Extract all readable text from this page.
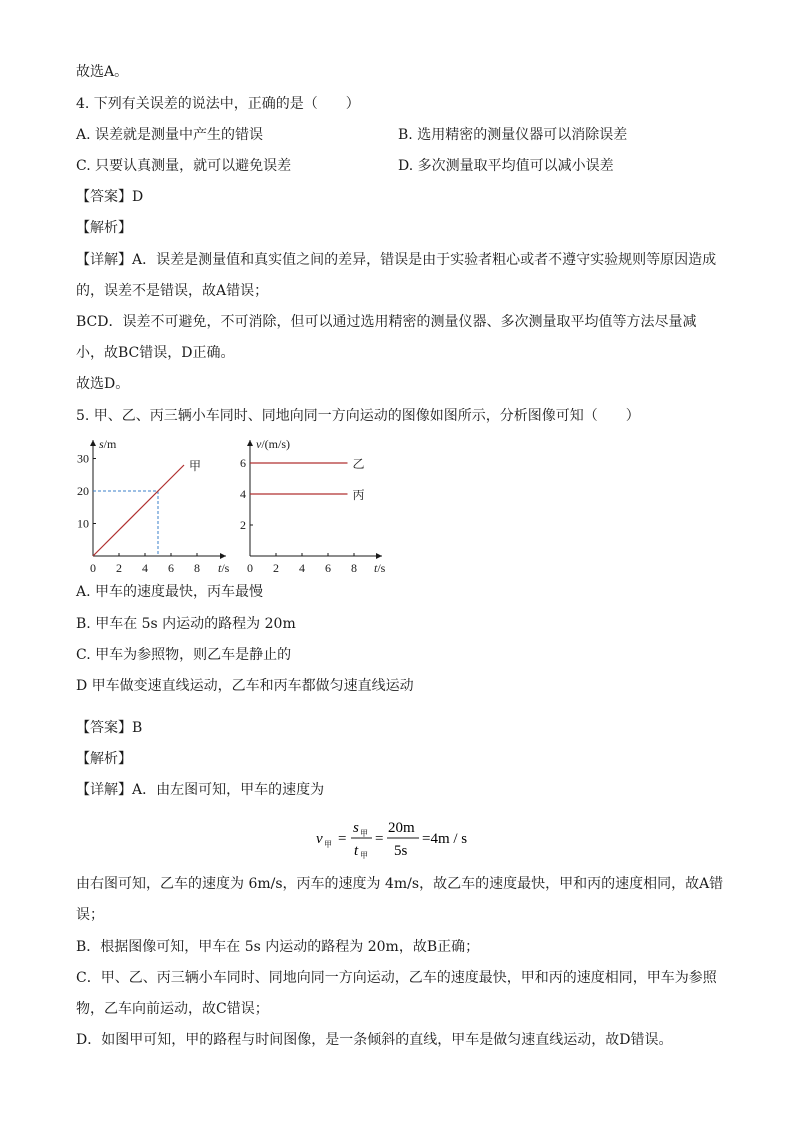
故选A。
4. 下列有关误差的说法中，正确的是（　　）
A. 误差就是测量中产生的错误	B. 选用精密的测量仪器可以消除误差
C. 只要认真测量，就可以避免误差	D. 多次测量取平均值可以减小误差
【答案】D
【解析】
【详解】A．误差是测量值和真实值之间的差异，错误是由于实验者粗心或者不遵守实验规则等原因造成
的，误差不是错误，故A错误；
BCD．误差不可避免，不可消除，但可以通过选用精密的测量仪器、多次测量取平均值等方法尽量减
小，故BC错误，D正确。
故选D。
5. 甲、乙、丙三辆小车同时、同地向同一方向运动的图像如图所示，分析图像可知（　　）
s/m
t/s
0 2 4 6 8
10
20
30
甲
v/(m/s)
t/s
0 2 4 6 8
2
4
6	乙
丙
A. 甲车的速度最快，丙车最慢
B. 甲车在 5s 内运动的路程为 20m
C. 甲车为参照物，则乙车是静止的
D 甲车做变速直线运动，乙车和丙车都做匀速直线运动
【答案】B
【解析】
【详解】A．由左图可知，甲车的速度为
v 甲 =
s 甲
t 甲
=
20m
5s
=4m / s
由右图可知，乙车的速度为 6m/s，丙车的速度为 4m/s，故乙车的速度最快，甲和丙的速度相同，故A错
误；
B．根据图像可知，甲车在 5s 内运动的路程为 20m，故B正确；
C．甲、乙、丙三辆小车同时、同地向同一方向运动，乙车的速度最快，甲和丙的速度相同，甲车为参照
物，乙车向前运动，故C错误；
D．如图甲可知，甲的路程与时间图像，是一条倾斜的直线，甲车是做匀速直线运动，故D错误。
